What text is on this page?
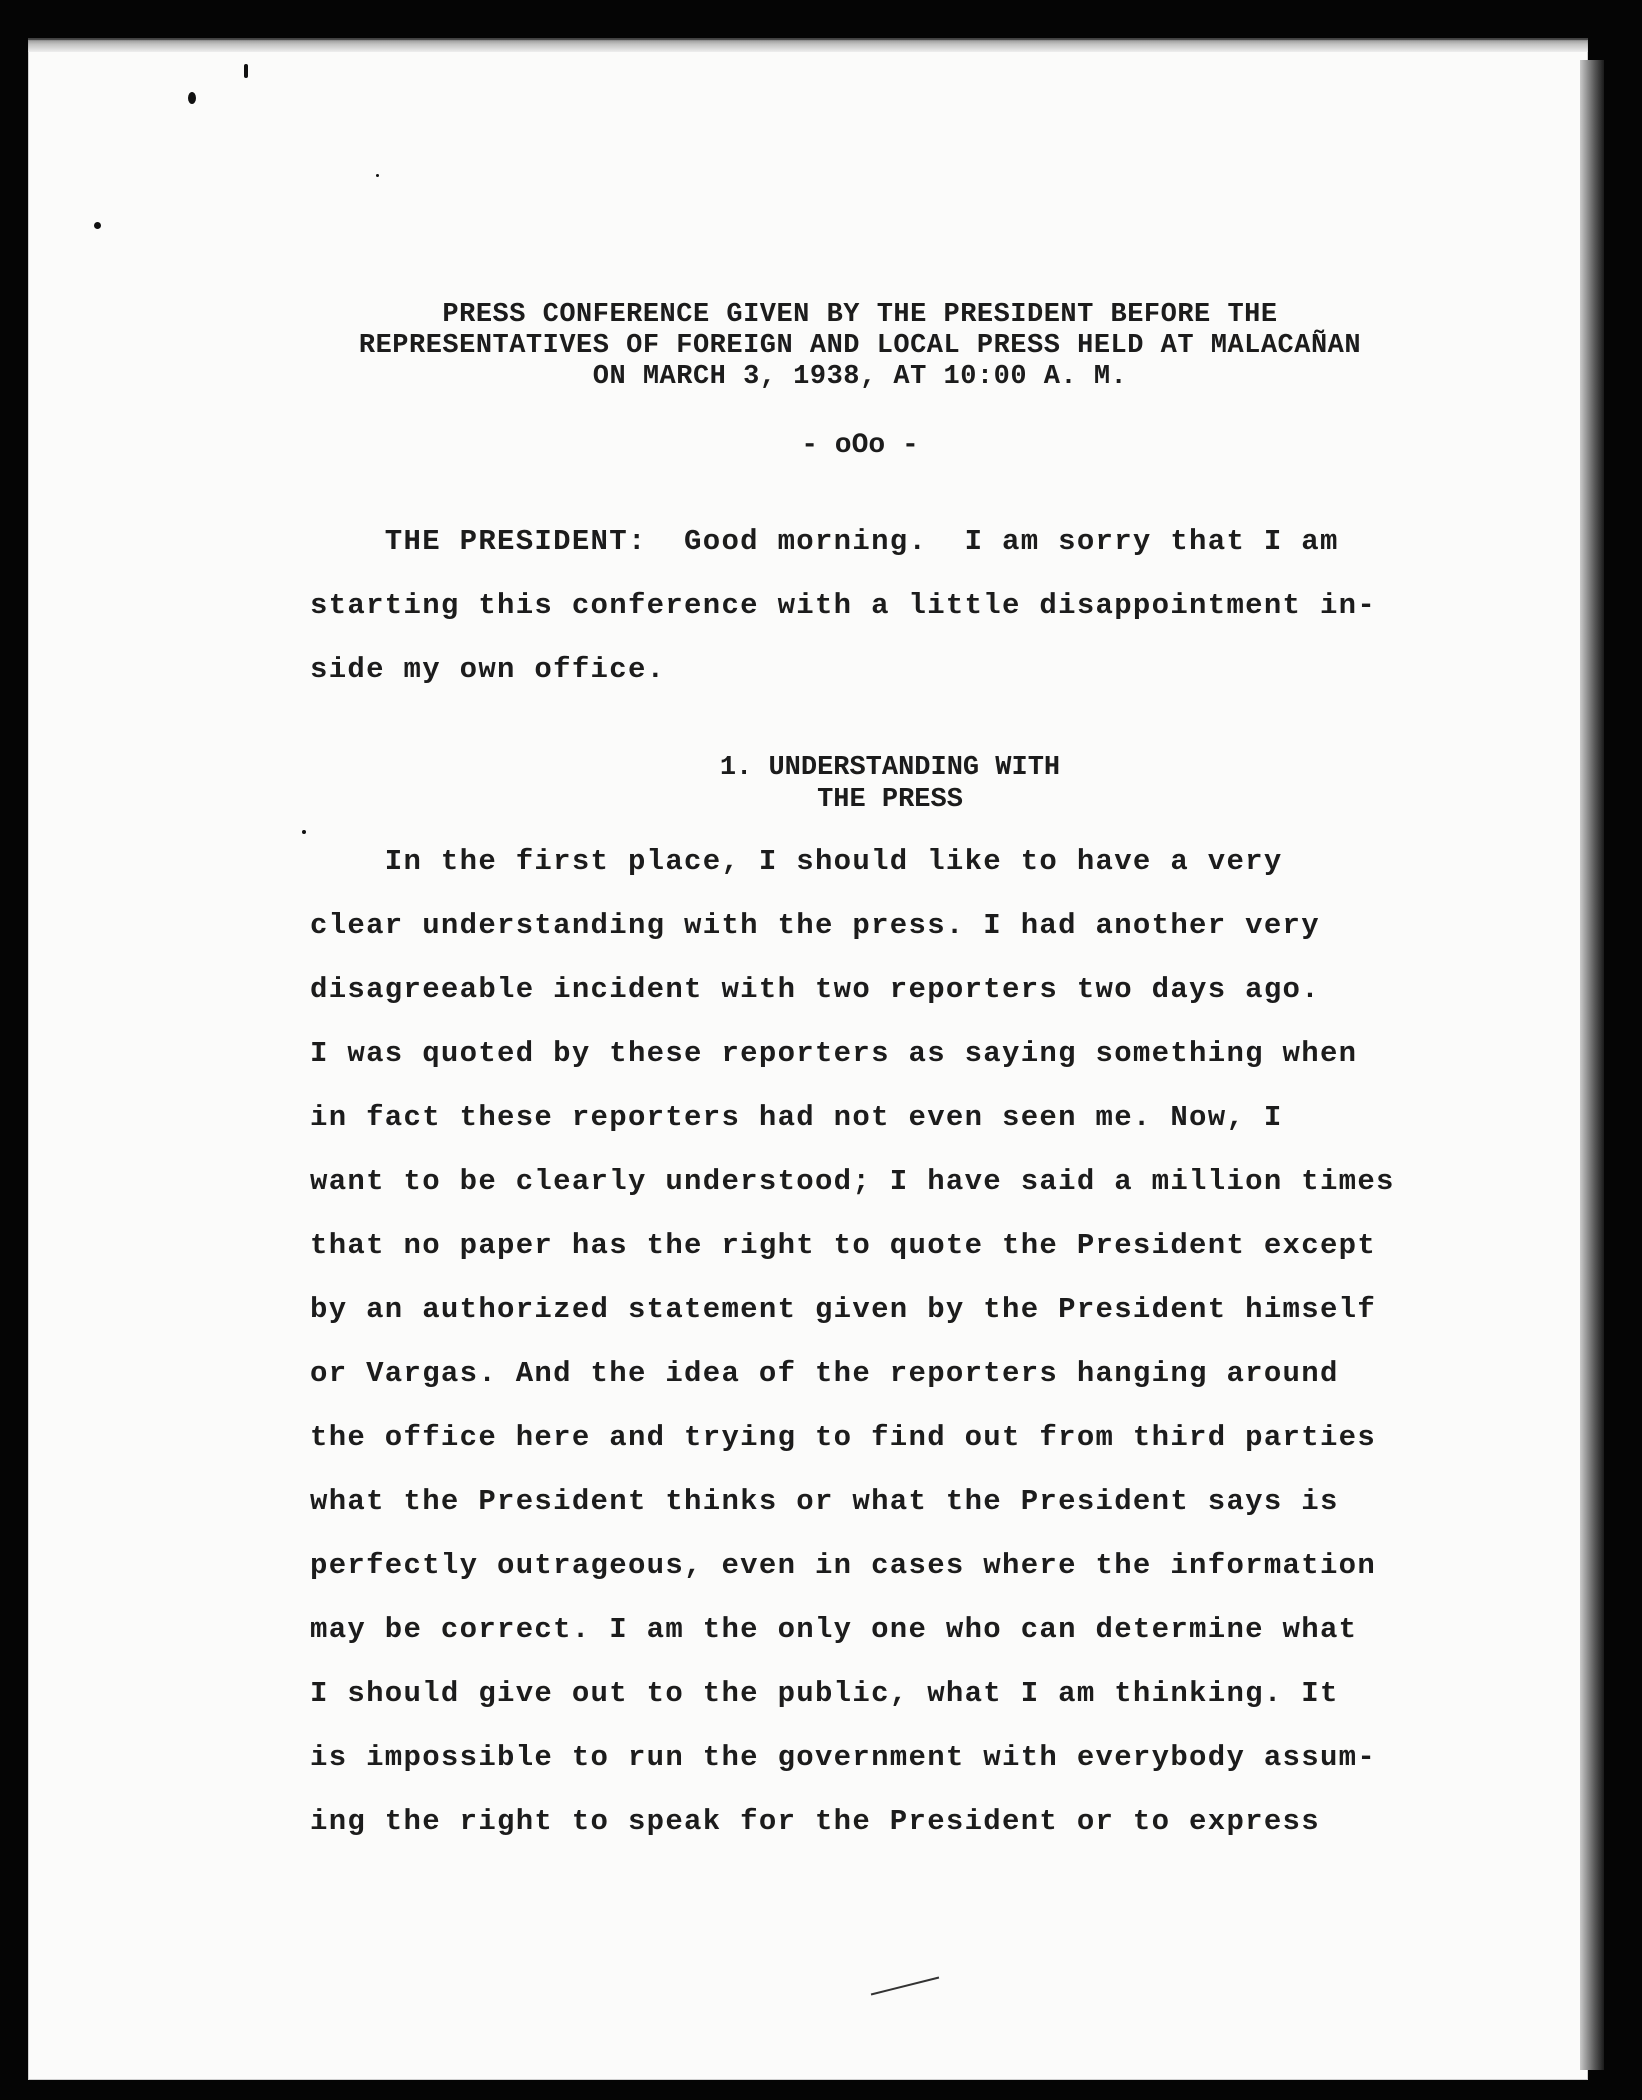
PRESS CONFERENCE GIVEN BY THE PRESIDENT BEFORE THE
REPRESENTATIVES OF FOREIGN AND LOCAL PRESS HELD AT MALACAÑAN
ON MARCH 3, 1938, AT 10:00 A. M.
- oOo -
THE PRESIDENT:  Good morning.  I am sorry that I am
starting this conference with a little disappointment in-
side my own office.
1. UNDERSTANDING WITH
THE PRESS
In the first place, I should like to have a very
clear understanding with the press. I had another very
disagreeable incident with two reporters two days ago.
I was quoted by these reporters as saying something when
in fact these reporters had not even seen me. Now, I
want to be clearly understood; I have said a million times
that no paper has the right to quote the President except
by an authorized statement given by the President himself
or Vargas. And the idea of the reporters hanging around
the office here and trying to find out from third parties
what the President thinks or what the President says is
perfectly outrageous, even in cases where the information
may be correct. I am the only one who can determine what
I should give out to the public, what I am thinking. It
is impossible to run the government with everybody assum-
ing the right to speak for the President or to express
